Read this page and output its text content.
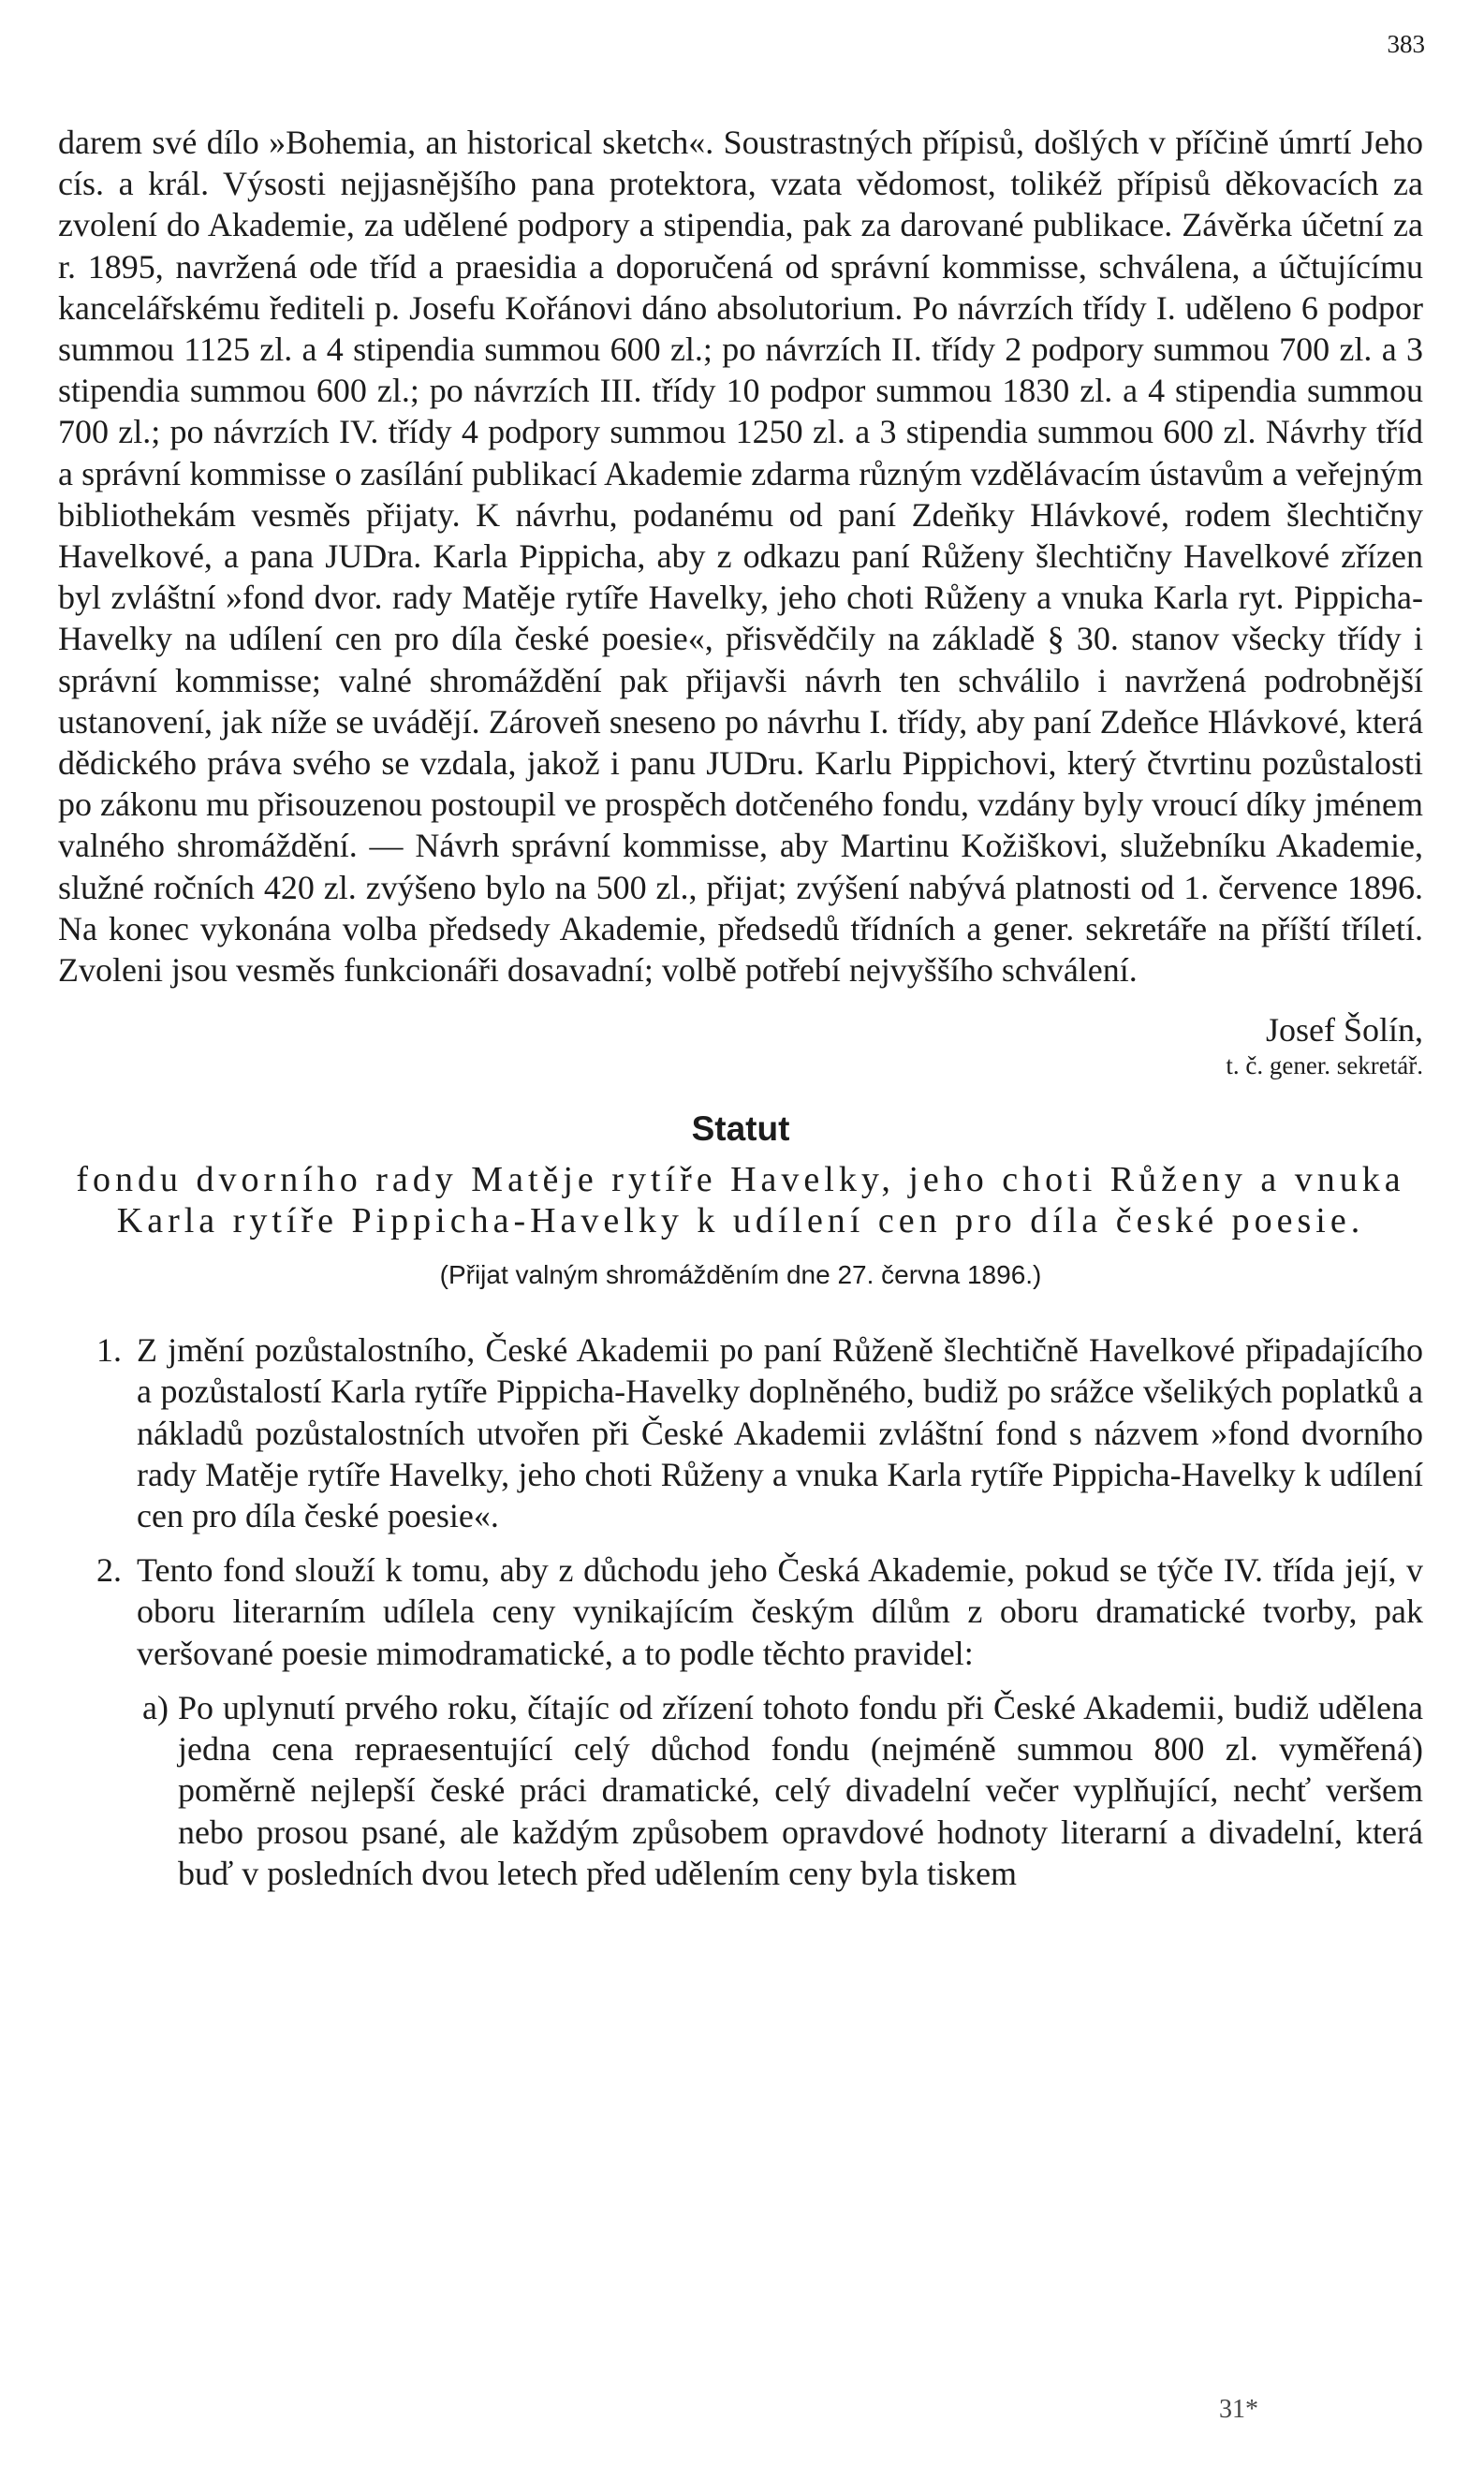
383

darem své dílo »Bohemia, an historical sketch«. Soustrastných přípisů, došlých v příčině úmrtí Jeho cís. a král. Výsosti nejjasnějšího pana protektora, vzata vědomost, tolikéž přípisů děkovacích za zvolení do Akademie, za udělené podpory a stipendia, pak za darované publikace. Závěrka účetní za r. 1895, navržená ode tříd a praesidia a doporučená od správní kommisse, schválena, a účtujícímu kancelářskému řediteli p. Josefu Kořánovi dáno absolutorium. Po návrzích třídy I. uděleno 6 podpor summou 1125 zl. a 4 stipendia summou 600 zl.; po návrzích II. třídy 2 podpory summou 700 zl. a 3 stipendia summou 600 zl.; po návrzích III. třídy 10 podpor summou 1830 zl. a 4 stipendia summou 700 zl.; po návrzích IV. třídy 4 podpory summou 1250 zl. a 3 stipendia summou 600 zl. Návrhy tříd a správní kommisse o zasílání publikací Akademie zdarma různým vzdělávacím ústavům a veřejným bibliothekám vesměs přijaty. K návrhu, podanému od paní Zdeňky Hlávkové, rodem šlechtičny Havelkové, a pana JUDra. Karla Pippicha, aby z odkazu paní Růženy šlechtičny Havelkové zřízen byl zvláštní »fond dvor. rady Matěje rytíře Havelky, jeho choti Růženy a vnuka Karla ryt. Pippicha-Havelky na udílení cen pro díla české poesie«, přisvědčily na základě § 30. stanov všecky třídy i správní kommisse; valné shromáždění pak přijavši návrh ten schválilo i navržená podrobnější ustanovení, jak níže se uvádějí. Zároveň sneseno po návrhu I. třídy, aby paní Zdeňce Hlávkové, která dědického práva svého se vzdala, jakož i panu JUDru. Karlu Pippichovi, který čtvrtinu pozůstalosti po zákonu mu přisouzenou postoupil ve prospěch dotčeného fondu, vzdány byly vroucí díky jménem valného shromáždění. — Návrh správní kommisse, aby Martinu Kožiškovi, služebníku Akademie, služné ročních 420 zl. zvýšeno bylo na 500 zl., přijat; zvýšení nabývá platnosti od 1. července 1896. Na konec vykonána volba předsedy Akademie, předsedů třídních a gener. sekretáře na příští tříletí. Zvoleni jsou vesměs funkcionáři dosavadní; volbě potřebí nejvyššího schválení.

Josef Šolín,
t. č. gener. sekretář.
Statut
fondu dvorního rady Matěje rytíře Havelky, jeho choti Růženy a vnuka Karla rytíře Pippicha-Havelky k udílení cen pro díla české poesie.
(Přijat valným shromážděním dne 27. června 1896.)
1. Z jmění pozůstalostního, České Akademii po paní Růženě šlechtičně Havelkové připadajícího a pozůstalostí Karla rytíře Pippicha-Havelky doplněného, budiž po srážce všelikých poplatků a nákladů pozůstalostních utvořen při České Akademii zvláštní fond s názvem »fond dvorního rady Matěje rytíře Havelky, jeho choti Růženy a vnuka Karla rytíře Pippicha-Havelky k udílení cen pro díla české poesie«.
2. Tento fond slouží k tomu, aby z důchodu jeho Česká Akademie, pokud se týče IV. třída její, v oboru literarním udílela ceny vynikajícím českým dílům z oboru dramatické tvorby, pak veršované poesie mimodramatické, a to podle těchto pravidel:
a) Po uplynutí prvého roku, čítajíc od zřízení tohoto fondu při České Akademii, budiž udělena jedna cena repraesentující celý důchod fondu (nejméně summou 800 zl. vyměřená) poměrně nejlepší české práci dramatické, celý divadelní večer vyplňující, nechť veršem nebo prosou psané, ale každým způsobem opravdové hodnoty literarní a divadelní, která buď v posledních dvou letech před udělením ceny byla tiskem
31*
